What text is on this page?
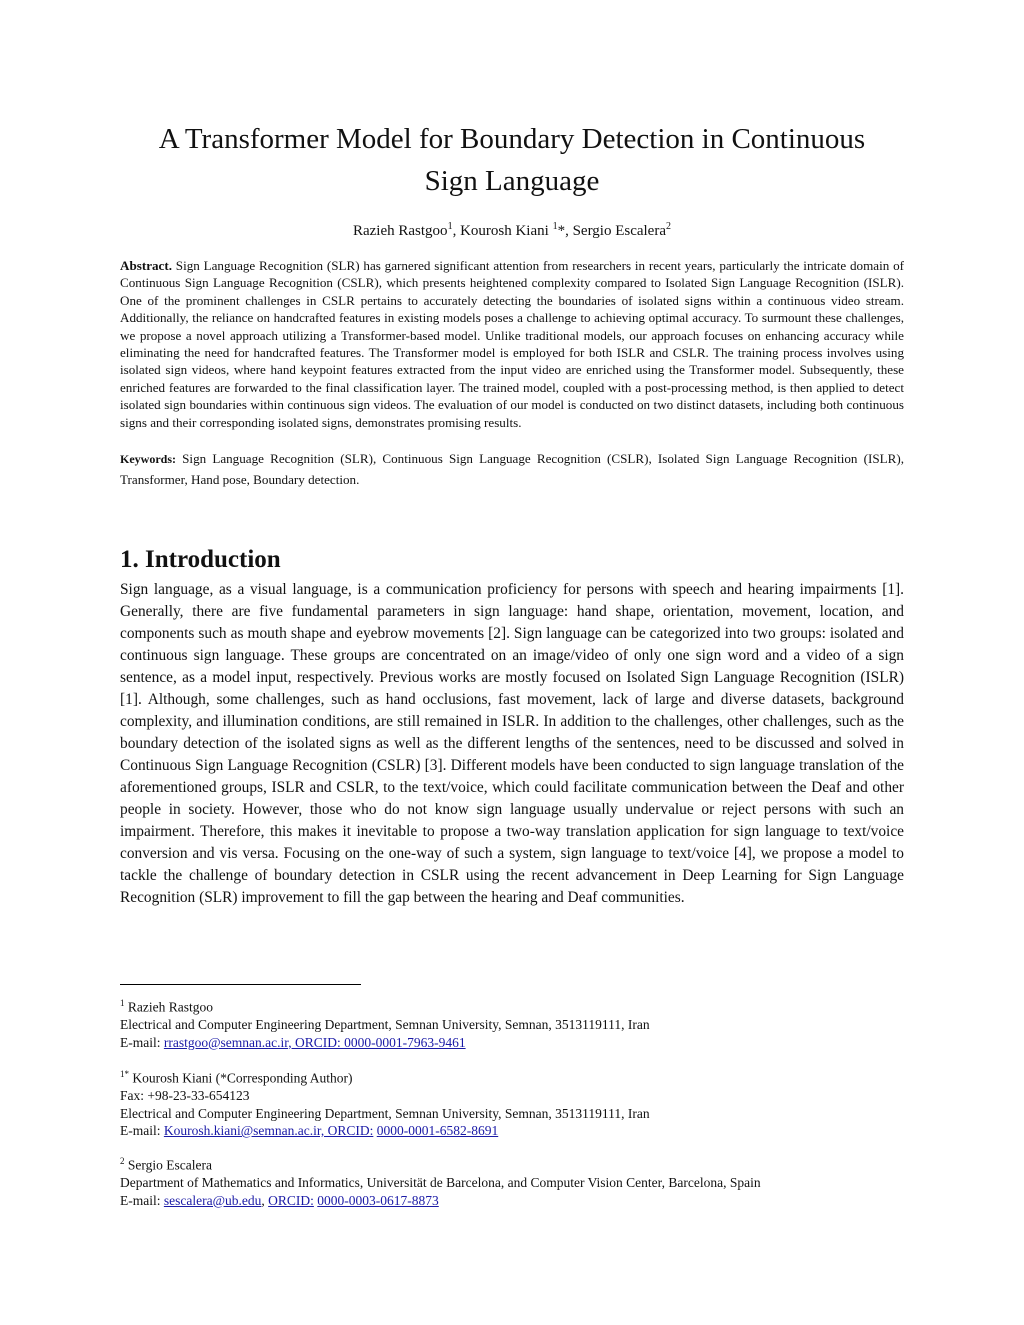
A Transformer Model for Boundary Detection in Continuous
Sign Language
Razieh Rastgoo$^1$, Kourosh Kiani $^1$*, Sergio Escalera$^2$

Abstract. Sign Language Recognition (SLR) has garnered significant attention from researchers in recent years, particularly the intricate domain of Continuous Sign Language Recognition (CSLR), which presents heightened complexity compared to Isolated Sign Language Recognition (ISLR). One of the prominent challenges in CSLR pertains to accurately detecting the boundaries of isolated signs within a continuous video stream. Additionally, the reliance on handcrafted features in existing models poses a challenge to achieving optimal accuracy. To surmount these challenges, we propose a novel approach utilizing a Transformer-based model. Unlike traditional models, our approach focuses on enhancing accuracy while eliminating the need for handcrafted features. The Transformer model is employed for both ISLR and CSLR. The training process involves using isolated sign videos, where hand keypoint features extracted from the input video are enriched using the Transformer model. Subsequently, these enriched features are forwarded to the final classification layer. The trained model, coupled with a post-processing method, is then applied to detect isolated sign boundaries within continuous sign videos. The evaluation of our model is conducted on two distinct datasets, including both continuous signs and their corresponding isolated signs, demonstrates promising results.

Keywords: Sign Language Recognition (SLR), Continuous Sign Language Recognition (CSLR), Isolated Sign Language Recognition (ISLR), Transformer, Hand pose, Boundary detection.

1. Introduction

Sign language, as a visual language, is a communication proficiency for persons with speech and hearing impairments [1]. Generally, there are five fundamental parameters in sign language: hand shape, orientation, movement, location, and components such as mouth shape and eyebrow movements [2]. Sign language can be categorized into two groups: isolated and continuous sign language. These groups are concentrated on an image/video of only one sign word and a video of a sign sentence, as a model input, respectively. Previous works are mostly focused on Isolated Sign Language Recognition (ISLR) [1]. Although, some challenges, such as hand occlusions, fast movement, lack of large and diverse datasets, background complexity, and illumination conditions, are still remained in ISLR. In addition to the challenges, other challenges, such as the boundary detection of the isolated signs as well as the different lengths of the sentences, need to be discussed and solved in Continuous Sign Language Recognition (CSLR) [3]. Different models have been conducted to sign language translation of the aforementioned groups, ISLR and CSLR, to the text/voice, which could facilitate communication between the Deaf and other people in society. However, those who do not know sign language usually undervalue or reject persons with such an impairment. Therefore, this makes it inevitable to propose a two-way translation application for sign language to text/voice conversion and vis versa. Focusing on the one-way of such a system, sign language to text/voice [4], we propose a model to tackle the challenge of boundary detection in CSLR using the recent advancement in Deep Learning for Sign Language Recognition (SLR) improvement to fill the gap between the hearing and Deaf communities.

$^1$ Razieh Rastgoo
Electrical and Computer Engineering Department, Semnan University, Semnan, 3513119111, Iran
E-mail: rrastgoo@semnan.ac.ir, ORCID: 0000-0001-7963-9461
$^{1*}$ Kourosh Kiani (*Corresponding Author)
Fax: +98-23-33-654123
Electrical and Computer Engineering Department, Semnan University, Semnan, 3513119111, Iran
E-mail: Kourosh.kiani@semnan.ac.ir, ORCID: 0000-0001-6582-8691
$^2$ Sergio Escalera
Department of Mathematics and Informatics, Universität de Barcelona, and Computer Vision Center, Barcelona, Spain
E-mail: sescalera@ub.edu, ORCID: 0000-0003-0617-8873
